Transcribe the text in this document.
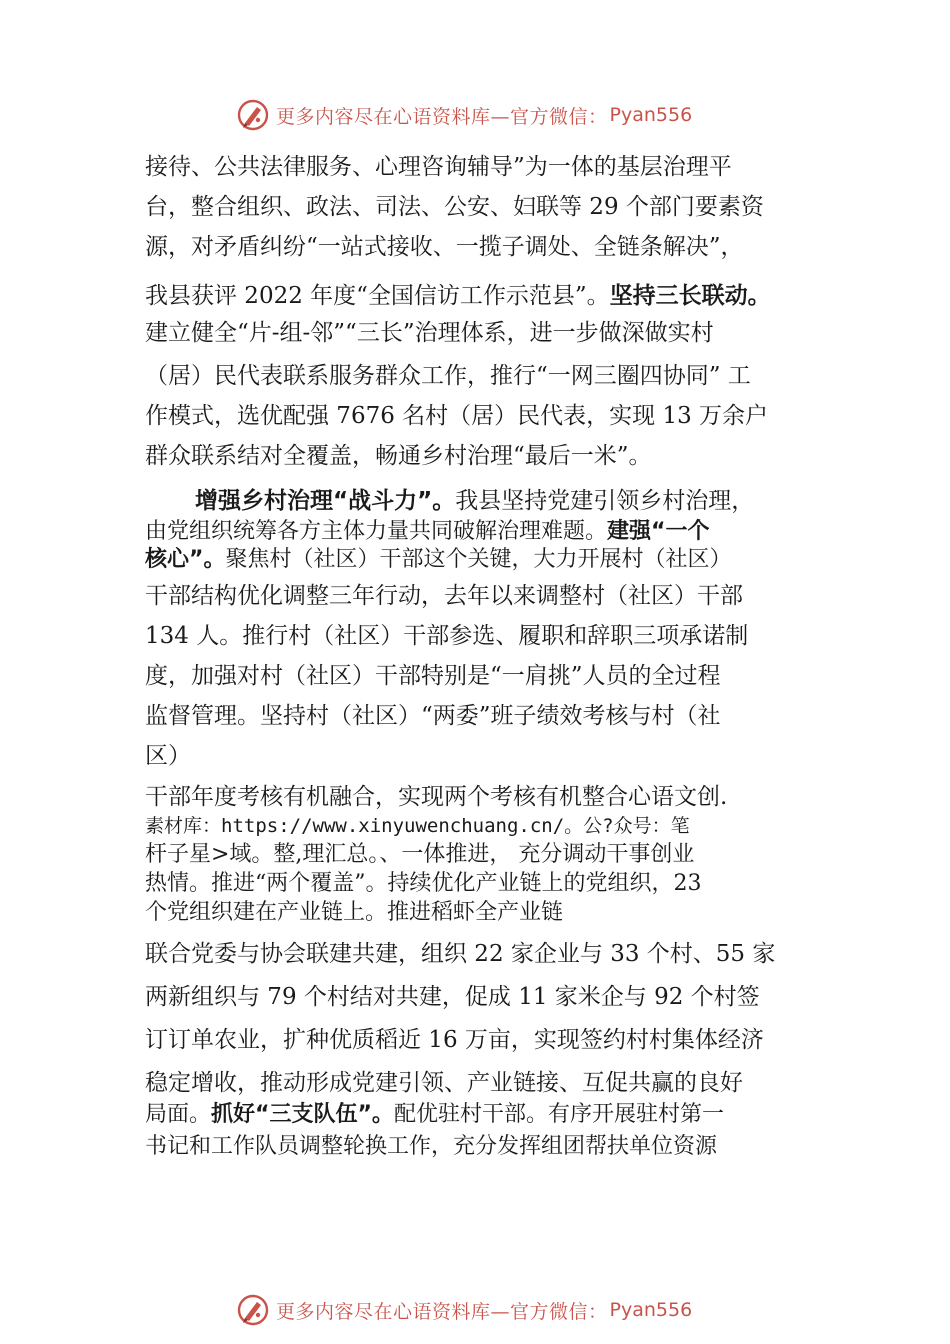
更多内容尽在心语资料库—官方微信： Pyan556
接待、公共法律服务、心理咨询辅导”为一体的基层治理平
台，整合组织、政法、司法、公安、妇联等 29 个部门要素资
源，对矛盾纠纷“一站式接收、一揽子调处、全链条解决”，
我县获评 2022 年度“全国信访工作示范县”。坚持三长联动。
建立健全“片-组-邻”“三长”治理体系，进一步做深做实村
（居）民代表联系服务群众工作，推行“一网三圈四协同” 工
作模式，选优配强 7676 名村（居）民代表，实现 13 万余户
群众联系结对全覆盖，畅通乡村治理“最后一米”。
增强乡村治理“战斗力”。我县坚持党建引领乡村治理，
由党组织统筹各方主体力量共同破解治理难题。建强“一个
核心”。聚焦村（社区）干部这个关键，大力开展村（社区）
干部结构优化调整三年行动，去年以来调整村（社区）干部
134 人。推行村（社区）干部参选、履职和辞职三项承诺制
度，加强对村（社区）干部特别是“一肩挑”人员的全过程
监督管理。坚持村（社区）“两委”班子绩效考核与村（社
区）
干部年度考核有机融合，实现两个考核有机整合心语文创.
素材库：https://www.xinyuwenchuang.cn/。公?众号：笔
杆子星>域。整,理汇总。、一体推进， 充分调动干事创业
热情。推进“两个覆盖”。持续优化产业链上的党组织，23
个党组织建在产业链上。推进稻虾全产业链
联合党委与协会联建共建，组织 22 家企业与 33 个村、55 家
两新组织与 79 个村结对共建，促成 11 家米企与 92 个村签
订订单农业，扩种优质稻近 16 万亩，实现签约村村集体经济
稳定增收，推动形成党建引领、产业链接、互促共赢的良好
局面。抓好“三支队伍”。配优驻村干部。有序开展驻村第一
书记和工作队员调整轮换工作，充分发挥组团帮扶单位资源
更多内容尽在心语资料库—官方微信： Pyan556
